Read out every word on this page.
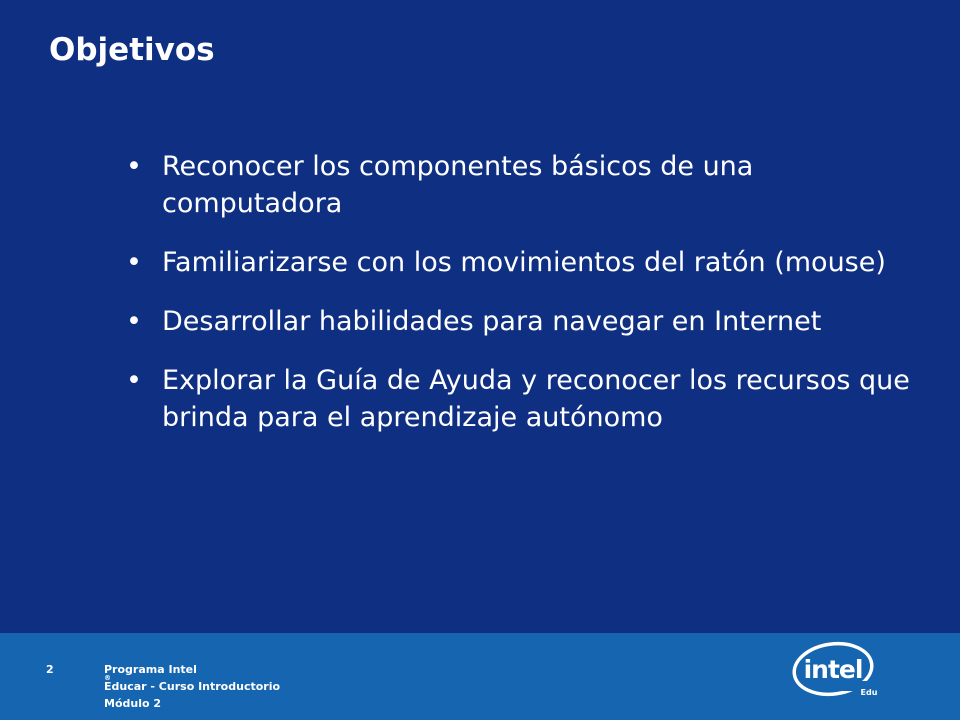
Objetivos
• Reconocer los componentes básicos de una computadora
• Familiarizarse con los movimientos del ratón (mouse)
• Desarrollar habilidades para navegar en Internet
• Explorar la Guía de Ayuda y reconocer los recursos que brinda para el aprendizaje autónomo
2	Programa Intel
®
Educar - Curso Introductorio
Módulo 2
intel
Edu
